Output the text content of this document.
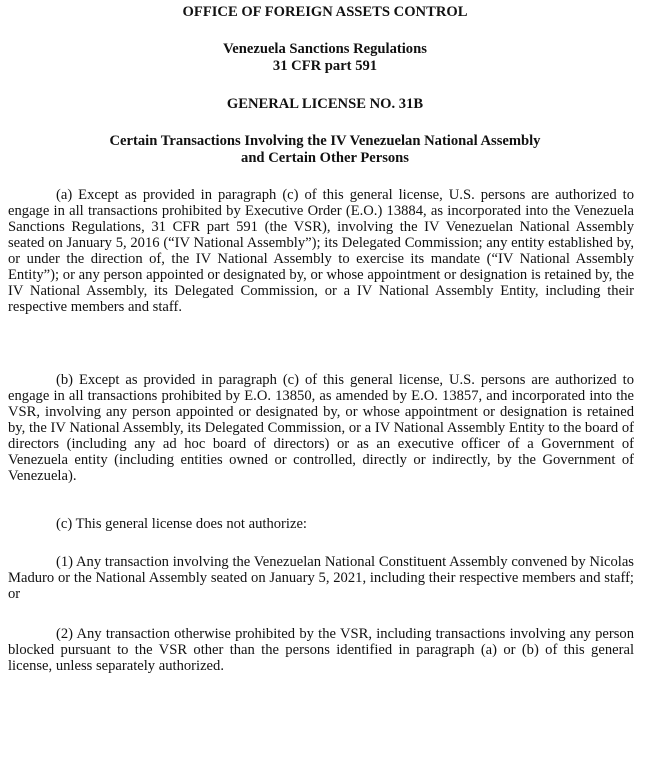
OFFICE OF FOREIGN ASSETS CONTROL

Venezuela Sanctions Regulations
31 CFR part 591

GENERAL LICENSE NO. 31B

Certain Transactions Involving the IV Venezuelan National Assembly
and Certain Other Persons

(a) Except as provided in paragraph (c) of this general license, U.S. persons are authorized to engage in all transactions prohibited by Executive Order (E.O.) 13884, as incorporated into the Venezuela Sanctions Regulations, 31 CFR part 591 (the VSR), involving the IV Venezuelan National Assembly seated on January 5, 2016 (“IV National Assembly”); its Delegated Commission; any entity established by, or under the direction of, the IV National Assembly to exercise its mandate (“IV National Assembly Entity”); or any person appointed or designated by, or whose appointment or designation is retained by, the IV National Assembly, its Delegated Commission, or a IV National Assembly Entity, including their respective members and staff.

(b) Except as provided in paragraph (c) of this general license, U.S. persons are authorized to engage in all transactions prohibited by E.O. 13850, as amended by E.O. 13857, and incorporated into the VSR, involving any person appointed or designated by, or whose appointment or designation is retained by, the IV National Assembly, its Delegated Commission, or a IV National Assembly Entity to the board of directors (including any ad hoc board of directors) or as an executive officer of a Government of Venezuela entity (including entities owned or controlled, directly or indirectly, by the Government of Venezuela).

(c) This general license does not authorize:

(1) Any transaction involving the Venezuelan National Constituent Assembly convened by Nicolas Maduro or the National Assembly seated on January 5, 2021, including their respective members and staff; or

(2) Any transaction otherwise prohibited by the VSR, including transactions involving any person blocked pursuant to the VSR other than the persons identified in paragraph (a) or (b) of this general license, unless separately authorized.
